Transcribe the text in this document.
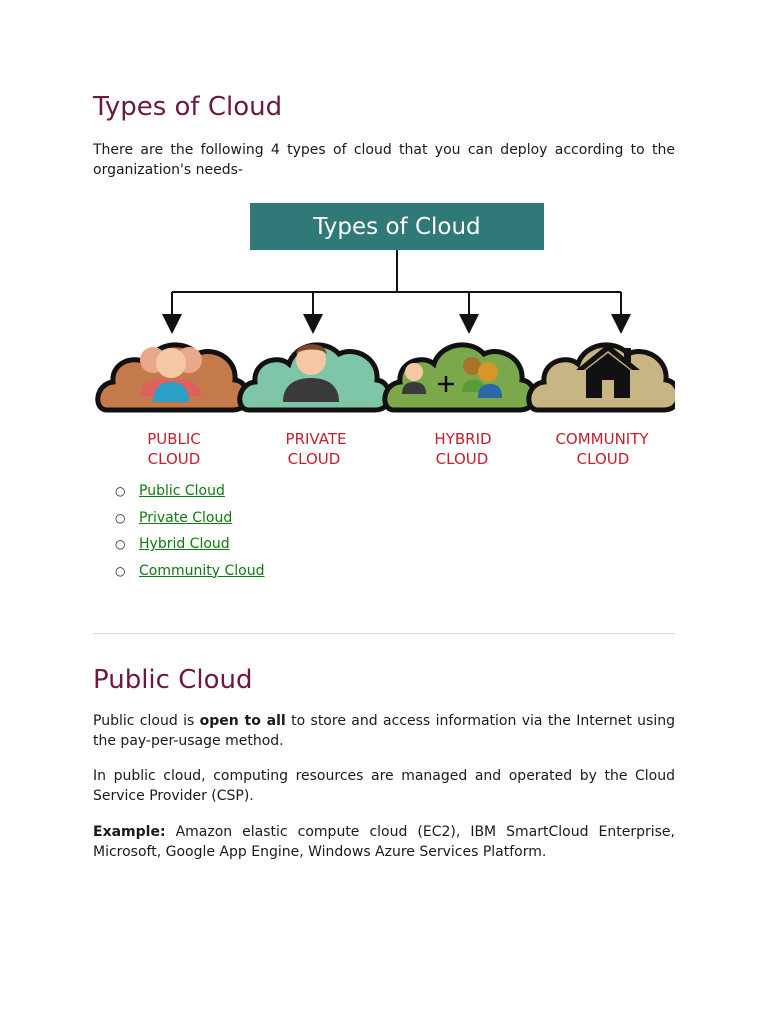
Types of Cloud

There are the following 4 types of cloud that you can deploy according to the organization's needs-

Types of Cloud
PUBLIC
CLOUD
PRIVATE
CLOUD
HYBRID
CLOUD
COMMUNITY
CLOUD
○ Public Cloud
○ Private Cloud
○ Hybrid Cloud
○ Community Cloud
Public Cloud

Public cloud is open to all to store and access information via the Internet using the pay-per-usage method.

In public cloud, computing resources are managed and operated by the Cloud Service Provider (CSP).

Example: Amazon elastic compute cloud (EC2), IBM SmartCloud Enterprise, Microsoft, Google App Engine, Windows Azure Services Platform.
